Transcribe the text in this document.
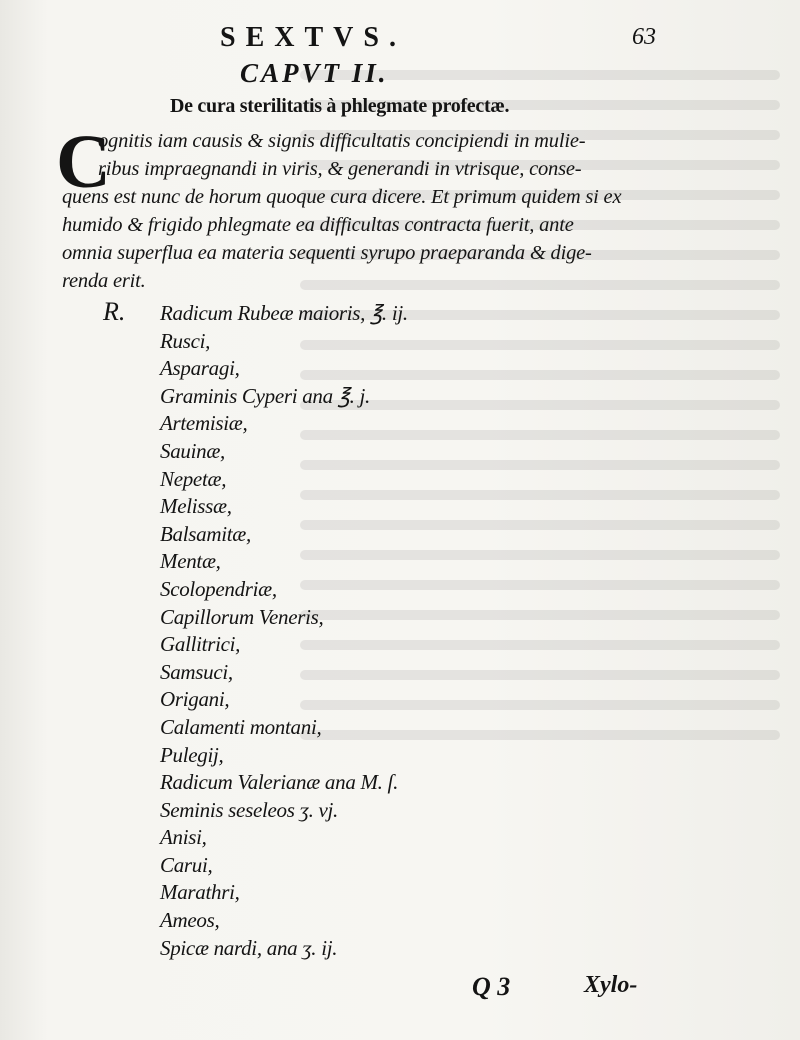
SEXTVS.	63
CAPVT II.
De cura sterilitatis à phlegmate profectæ.
C
ognitis iam causis & signis difficultatis concipiendi in mulie-
ribus impraegnandi in viris, & generandi in vtrisque, conse-
quens est nunc de horum quoque cura dicere. Et primum quidem si ex
humido & frigido phlegmate ea difficultas contracta fuerit, ante
omnia superflua ea materia sequenti syrupo praeparanda & dige-
renda erit.
R. Radicum Rubeæ maioris, ℥. ij.
Rusci,
Asparagi,
Graminis Cyperi ana ℥. j.
Artemisiæ,
Sauinæ,
Nepetæ,
Melissæ,
Balsamitæ,
Mentæ,
Scolopendriæ,
Capillorum Veneris,
Gallitrici,
Samsuci,
Origani,
Calamenti montani,
Pulegij,
Radicum Valerianæ ana M. ſ.
Seminis seseleos ʒ. vj.
Anisi,
Carui,
Marathri,
Ameos,
Spicæ nardi, ana ʒ. ij.
Q 3	Xylo-
